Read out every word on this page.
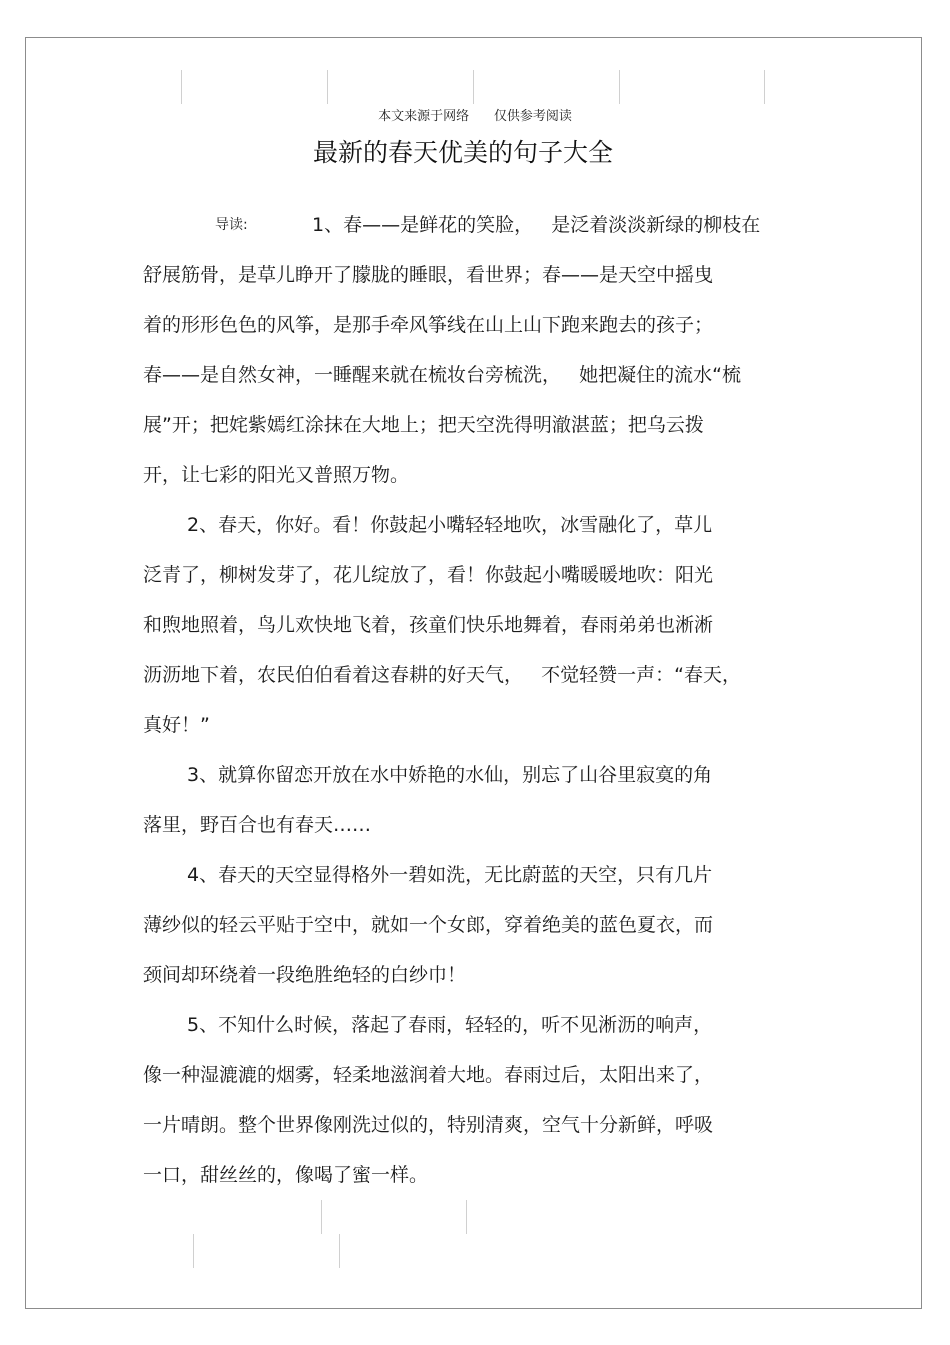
本文来源于网络      仅供参考阅读
最新的春天优美的句子大全
导读:	1、春——是鲜花的笑脸，   是泛着淡淡新绿的柳枝在
舒展筋骨，是草儿睁开了朦胧的睡眼，看世界；春——是天空中摇曳
着的形形色色的风筝，是那手牵风筝线在山上山下跑来跑去的孩子；
春——是自然女神，一睡醒来就在梳妆台旁梳洗，   她把凝住的流水“梳
展”开；把姹紫嫣红涂抹在大地上；把天空洗得明澈湛蓝；把乌云拨
开，让七彩的阳光又普照万物。
2、春天，你好。看！你鼓起小嘴轻轻地吹，冰雪融化了，草儿
泛青了，柳树发芽了，花儿绽放了，看！你鼓起小嘴暖暖地吹：阳光
和煦地照着，鸟儿欢快地飞着，孩童们快乐地舞着，春雨弟弟也淅淅
沥沥地下着，农民伯伯看着这春耕的好天气，   不觉轻赞一声：“春天，
真好！”
3、就算你留恋开放在水中娇艳的水仙，别忘了山谷里寂寞的角
落里，野百合也有春天……
4、春天的天空显得格外一碧如洗，无比蔚蓝的天空，只有几片
薄纱似的轻云平贴于空中，就如一个女郎，穿着绝美的蓝色夏衣，而
颈间却环绕着一段绝胜绝轻的白纱巾！
5、不知什么时候，落起了春雨，轻轻的，听不见淅沥的响声，
像一种湿漉漉的烟雾，轻柔地滋润着大地。春雨过后，太阳出来了，
一片晴朗。整个世界像刚洗过似的，特别清爽，空气十分新鲜，呼吸
一口，甜丝丝的，像喝了蜜一样。
